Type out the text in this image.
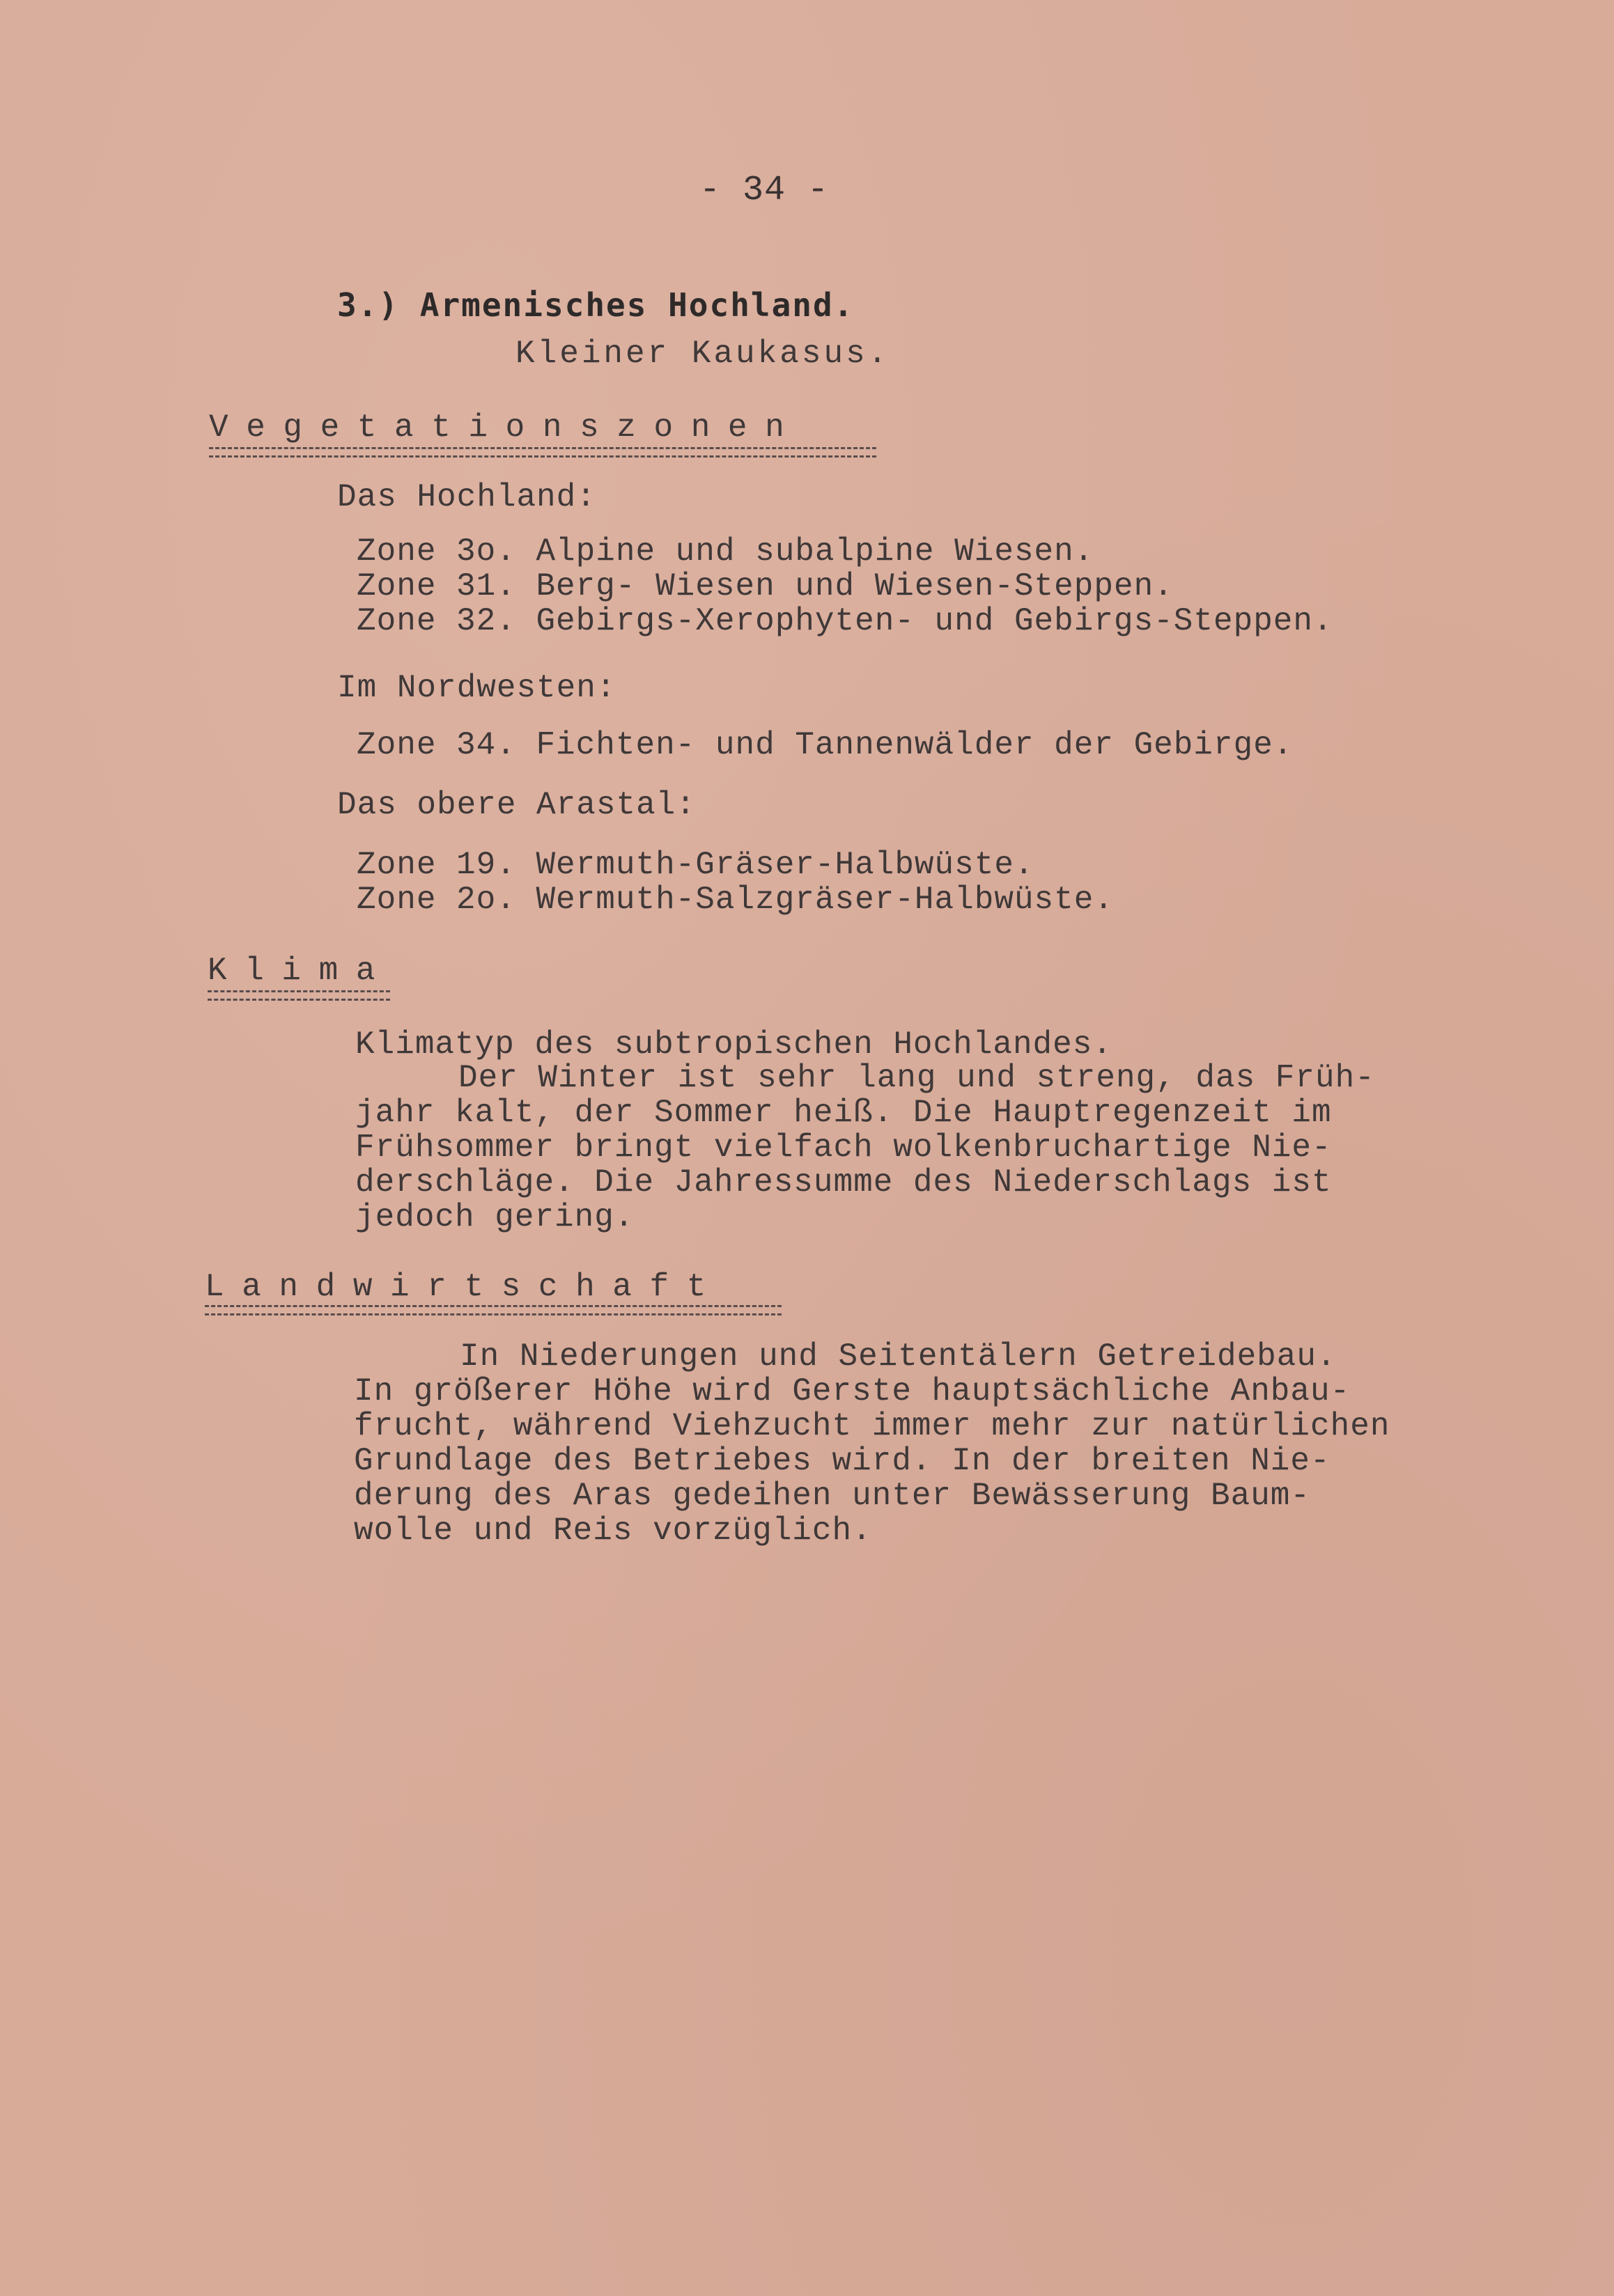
- 34 -
3.) Armenisches Hochland.
Kleiner Kaukasus.
V e g e t a t i o n s z o n e n
Das Hochland:
Zone 3o. Alpine und subalpine Wiesen.
Zone 31. Berg- Wiesen und Wiesen-Steppen.
Zone 32. Gebirgs-Xerophyten- und Gebirgs-Steppen.
Im Nordwesten:
Zone 34. Fichten- und Tannenwälder der Gebirge.
Das obere Arastal:
Zone 19. Wermuth-Gräser-Halbwüste.
Zone 2o. Wermuth-Salzgräser-Halbwüste.
K l i m a
Klimatyp des subtropischen Hochlandes.
Der Winter ist sehr lang und streng, das Früh-
jahr kalt, der Sommer heiß. Die Hauptregenzeit im
Frühsommer bringt vielfach wolkenbruchartige Nie-
derschläge. Die Jahressumme des Niederschlags ist
jedoch gering.
L a n d w i r t s c h a f t
In Niederungen und Seitentälern Getreidebau.
In größerer Höhe wird Gerste hauptsächliche Anbau-
frucht, während Viehzucht immer mehr zur natürlichen
Grundlage des Betriebes wird. In der breiten Nie-
derung des Aras gedeihen unter Bewässerung Baum-
wolle und Reis vorzüglich.
